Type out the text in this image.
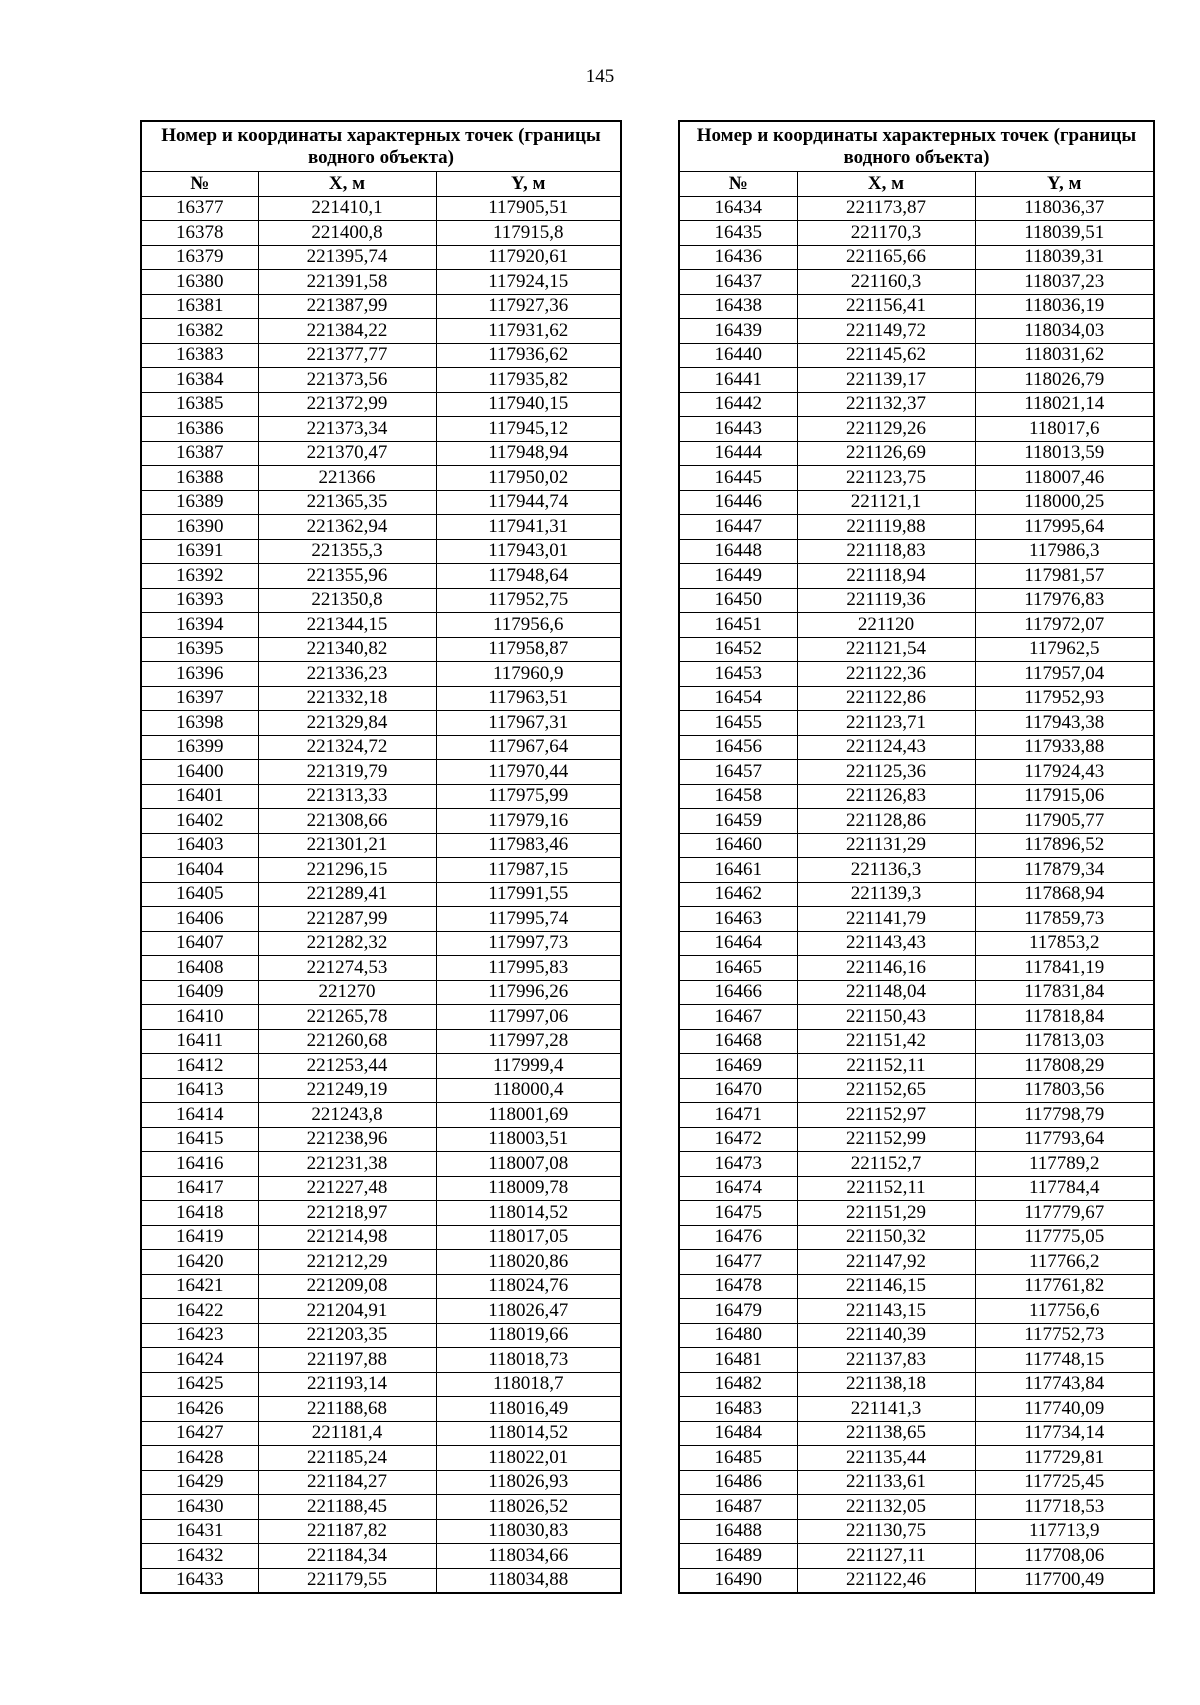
145
Номер и координаты характерных точек (границы водного объекта)		
№	X, м	Y, м
16377	221410,1	117905,51
16378	221400,8	117915,8
16379	221395,74	117920,61
16380	221391,58	117924,15
16381	221387,99	117927,36
16382	221384,22	117931,62
16383	221377,77	117936,62
16384	221373,56	117935,82
16385	221372,99	117940,15
16386	221373,34	117945,12
16387	221370,47	117948,94
16388	221366	117950,02
16389	221365,35	117944,74
16390	221362,94	117941,31
16391	221355,3	117943,01
16392	221355,96	117948,64
16393	221350,8	117952,75
16394	221344,15	117956,6
16395	221340,82	117958,87
16396	221336,23	117960,9
16397	221332,18	117963,51
16398	221329,84	117967,31
16399	221324,72	117967,64
16400	221319,79	117970,44
16401	221313,33	117975,99
16402	221308,66	117979,16
16403	221301,21	117983,46
16404	221296,15	117987,15
16405	221289,41	117991,55
16406	221287,99	117995,74
16407	221282,32	117997,73
16408	221274,53	117995,83
16409	221270	117996,26
16410	221265,78	117997,06
16411	221260,68	117997,28
16412	221253,44	117999,4
16413	221249,19	118000,4
16414	221243,8	118001,69
16415	221238,96	118003,51
16416	221231,38	118007,08
16417	221227,48	118009,78
16418	221218,97	118014,52
16419	221214,98	118017,05
16420	221212,29	118020,86
16421	221209,08	118024,76
16422	221204,91	118026,47
16423	221203,35	118019,66
16424	221197,88	118018,73
16425	221193,14	118018,7
16426	221188,68	118016,49
16427	221181,4	118014,52
16428	221185,24	118022,01
16429	221184,27	118026,93
16430	221188,45	118026,52
16431	221187,82	118030,83
16432	221184,34	118034,66
16433	221179,55	118034,88
Номер и координаты характерных точек (границы водного объекта)		
№	X, м	Y, м
16434	221173,87	118036,37
16435	221170,3	118039,51
16436	221165,66	118039,31
16437	221160,3	118037,23
16438	221156,41	118036,19
16439	221149,72	118034,03
16440	221145,62	118031,62
16441	221139,17	118026,79
16442	221132,37	118021,14
16443	221129,26	118017,6
16444	221126,69	118013,59
16445	221123,75	118007,46
16446	221121,1	118000,25
16447	221119,88	117995,64
16448	221118,83	117986,3
16449	221118,94	117981,57
16450	221119,36	117976,83
16451	221120	117972,07
16452	221121,54	117962,5
16453	221122,36	117957,04
16454	221122,86	117952,93
16455	221123,71	117943,38
16456	221124,43	117933,88
16457	221125,36	117924,43
16458	221126,83	117915,06
16459	221128,86	117905,77
16460	221131,29	117896,52
16461	221136,3	117879,34
16462	221139,3	117868,94
16463	221141,79	117859,73
16464	221143,43	117853,2
16465	221146,16	117841,19
16466	221148,04	117831,84
16467	221150,43	117818,84
16468	221151,42	117813,03
16469	221152,11	117808,29
16470	221152,65	117803,56
16471	221152,97	117798,79
16472	221152,99	117793,64
16473	221152,7	117789,2
16474	221152,11	117784,4
16475	221151,29	117779,67
16476	221150,32	117775,05
16477	221147,92	117766,2
16478	221146,15	117761,82
16479	221143,15	117756,6
16480	221140,39	117752,73
16481	221137,83	117748,15
16482	221138,18	117743,84
16483	221141,3	117740,09
16484	221138,65	117734,14
16485	221135,44	117729,81
16486	221133,61	117725,45
16487	221132,05	117718,53
16488	221130,75	117713,9
16489	221127,11	117708,06
16490	221122,46	117700,49
